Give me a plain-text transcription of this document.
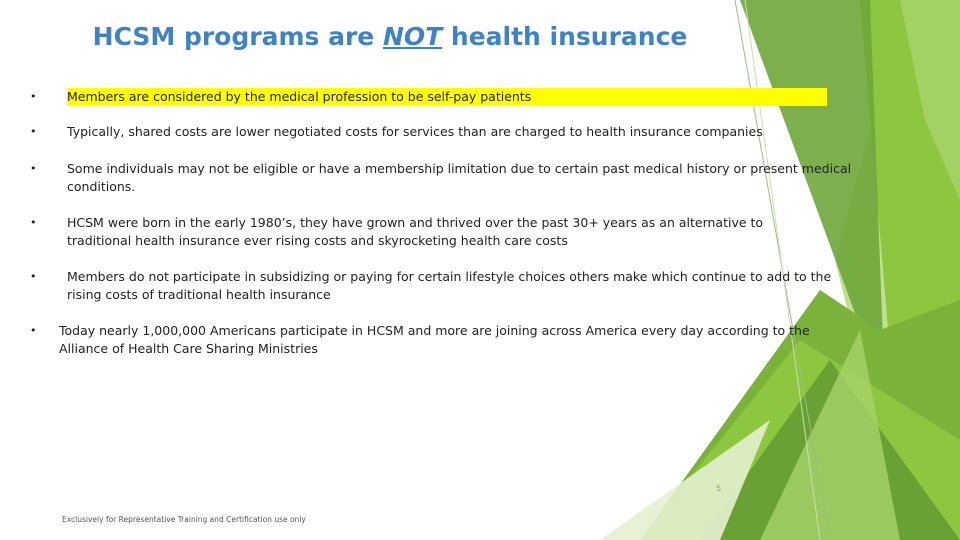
HCSM programs are NOT health insurance
• Members are considered by the medical profession to be self-pay patients
• Typically, shared costs are lower negotiated costs for services than are charged to health insurance companies
• Some individuals may not be eligible or have a membership limitation due to certain past medical history or present medical conditions.
• HCSM were born in the early 1980’s, they have grown and thrived over the past 30+ years as an alternative to traditional health insurance ever rising costs and skyrocketing health care costs
• Members do not participate in subsidizing or paying for certain lifestyle choices others make which continue to add to the rising costs of traditional health insurance
• Today nearly 1,000,000 Americans participate in HCSM and more are joining across America every day according to the Alliance of Health Care Sharing Ministries
5
Exclusively for Representative Training and Certification use only
